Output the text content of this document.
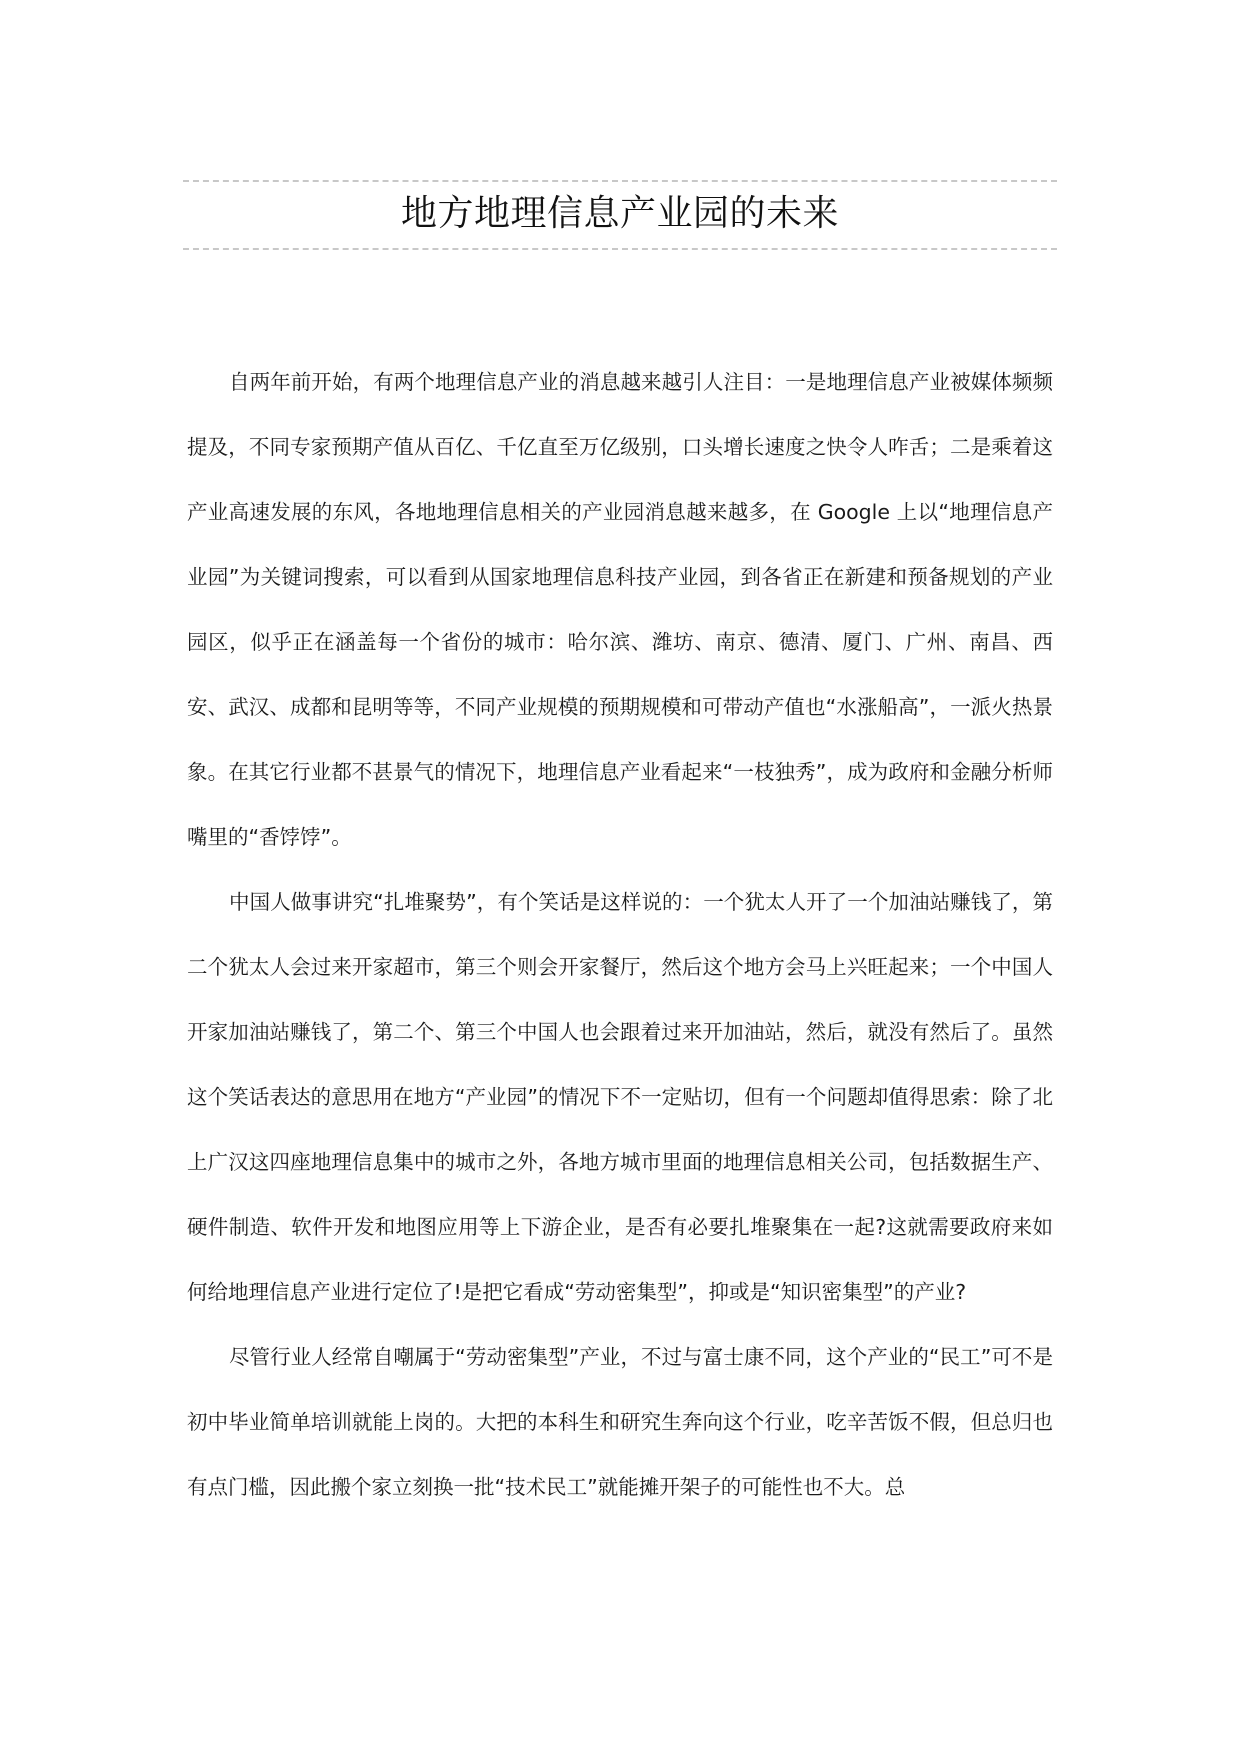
地方地理信息产业园的未来

自两年前开始，有两个地理信息产业的消息越来越引人注目：一是地理信息产业被媒体频频提及，不同专家预期产值从百亿、千亿直至万亿级别，口头增长速度之快令人咋舌；二是乘着这产业高速发展的东风，各地地理信息相关的产业园消息越来越多，在 Google 上以“地理信息产业园”为关键词搜索，可以看到从国家地理信息科技产业园，到各省正在新建和预备规划的产业园区，似乎正在涵盖每一个省份的城市：哈尔滨、潍坊、南京、德清、厦门、广州、南昌、西安、武汉、成都和昆明等等，不同产业规模的预期规模和可带动产值也“水涨船高”，一派火热景象。在其它行业都不甚景气的情况下，地理信息产业看起来“一枝独秀”，成为政府和金融分析师嘴里的“香饽饽”。

中国人做事讲究“扎堆聚势”，有个笑话是这样说的：一个犹太人开了一个加油站赚钱了，第二个犹太人会过来开家超市，第三个则会开家餐厅，然后这个地方会马上兴旺起来；一个中国人开家加油站赚钱了，第二个、第三个中国人也会跟着过来开加油站，然后，就没有然后了。虽然这个笑话表达的意思用在地方“产业园”的情况下不一定贴切，但有一个问题却值得思索：除了北上广汉这四座地理信息集中的城市之外，各地方城市里面的地理信息相关公司，包括数据生产、硬件制造、软件开发和地图应用等上下游企业，是否有必要扎堆聚集在一起?这就需要政府来如何给地理信息产业进行定位了!是把它看成“劳动密集型”，抑或是“知识密集型”的产业?

尽管行业人经常自嘲属于“劳动密集型”产业，不过与富士康不同，这个产业的“民工”可不是初中毕业简单培训就能上岗的。大把的本科生和研究生奔向这个行业，吃辛苦饭不假，但总归也有点门槛，因此搬个家立刻换一批“技术民工”就能摊开架子的可能性也不大。总
